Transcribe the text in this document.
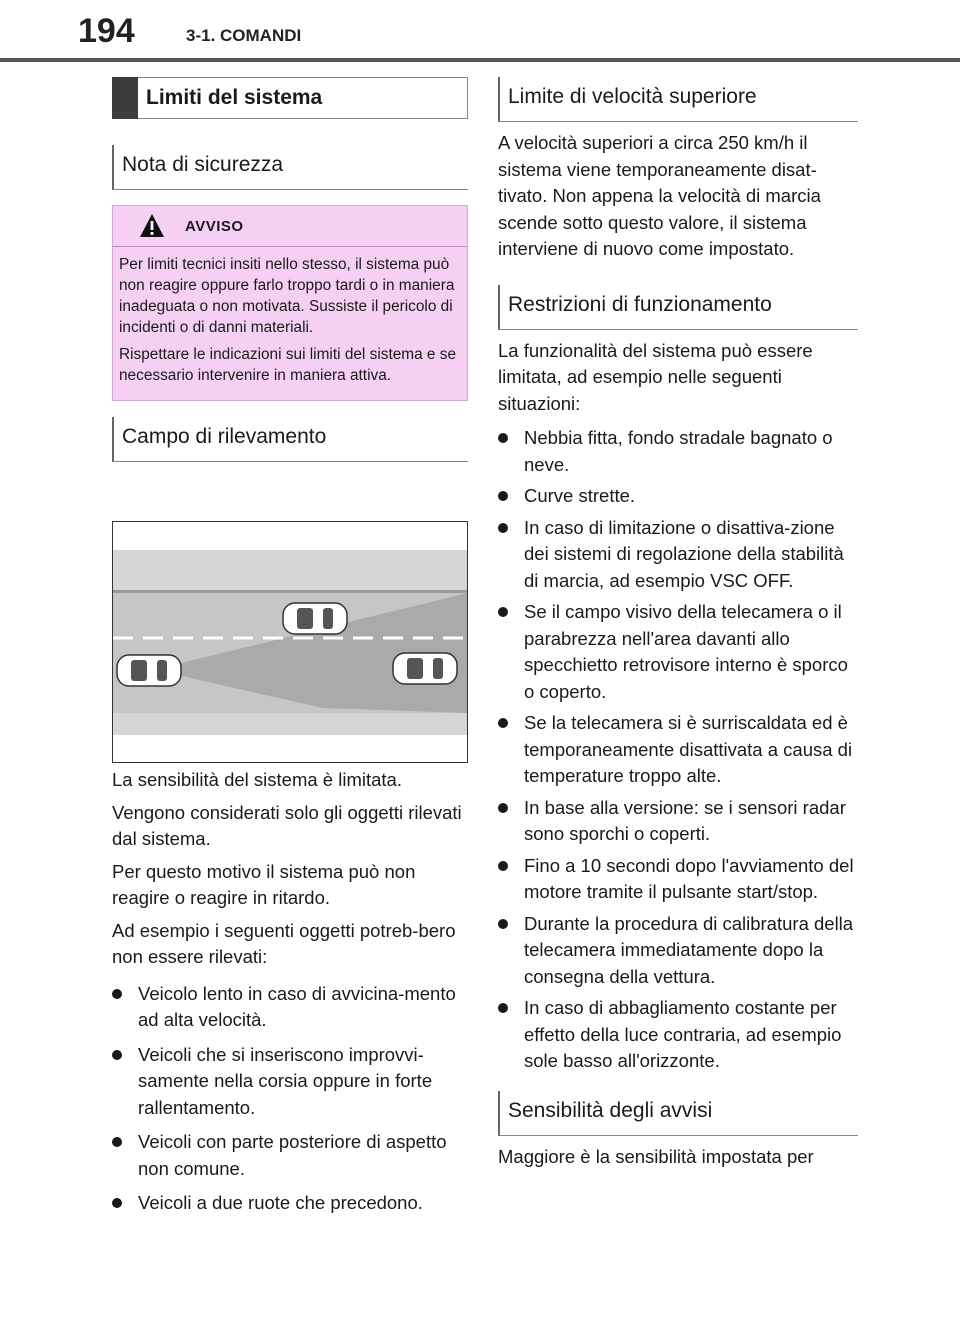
194	3-1. COMANDI
Limiti del sistema
Nota di sicurezza
AVVISO

Per limiti tecnici insiti nello stesso, il sistema può non reagire oppure farlo troppo tardi o in maniera inadeguata o non motivata. Sussiste il pericolo di incidenti o di danni materiali.

Rispettare le indicazioni sui limiti del sistema e se necessario intervenire in maniera attiva.

Campo di rilevamento

La sensibilità del sistema è limitata.

Vengono considerati solo gli oggetti rilevati dal sistema.

Per questo motivo il sistema può non reagire o reagire in ritardo.

Ad esempio i seguenti oggetti potreb-bero non essere rilevati:

Veicolo lento in caso di avvicina-mento ad alta velocità.
Veicoli che si inseriscono improvvi-samente nella corsia oppure in forte rallentamento.
Veicoli con parte posteriore di aspetto non comune.
Veicoli a due ruote che precedono.
Limite di velocità superiore

A velocità superiori a circa 250 km/h il sistema viene temporaneamente disat-tivato. Non appena la velocità di marcia scende sotto questo valore, il sistema interviene di nuovo come impostato.

Restrizioni di funzionamento

La funzionalità del sistema può essere limitata, ad esempio nelle seguenti situazioni:

Nebbia fitta, fondo stradale bagnato o neve.
Curve strette.
In caso di limitazione o disattiva-zione dei sistemi di regolazione della stabilità di marcia, ad esempio VSC OFF.
Se il campo visivo della telecamera o il parabrezza nell'area davanti allo specchietto retrovisore interno è sporco o coperto.
Se la telecamera si è surriscaldata ed è temporaneamente disattivata a causa di temperature troppo alte.
In base alla versione: se i sensori radar sono sporchi o coperti.
Fino a 10 secondi dopo l'avviamento del motore tramite il pulsante start/stop.
Durante la procedura di calibratura della telecamera immediatamente dopo la consegna della vettura.
In caso di abbagliamento costante per effetto della luce contraria, ad esempio sole basso all'orizzonte.
Sensibilità degli avvisi

Maggiore è la sensibilità impostata per
